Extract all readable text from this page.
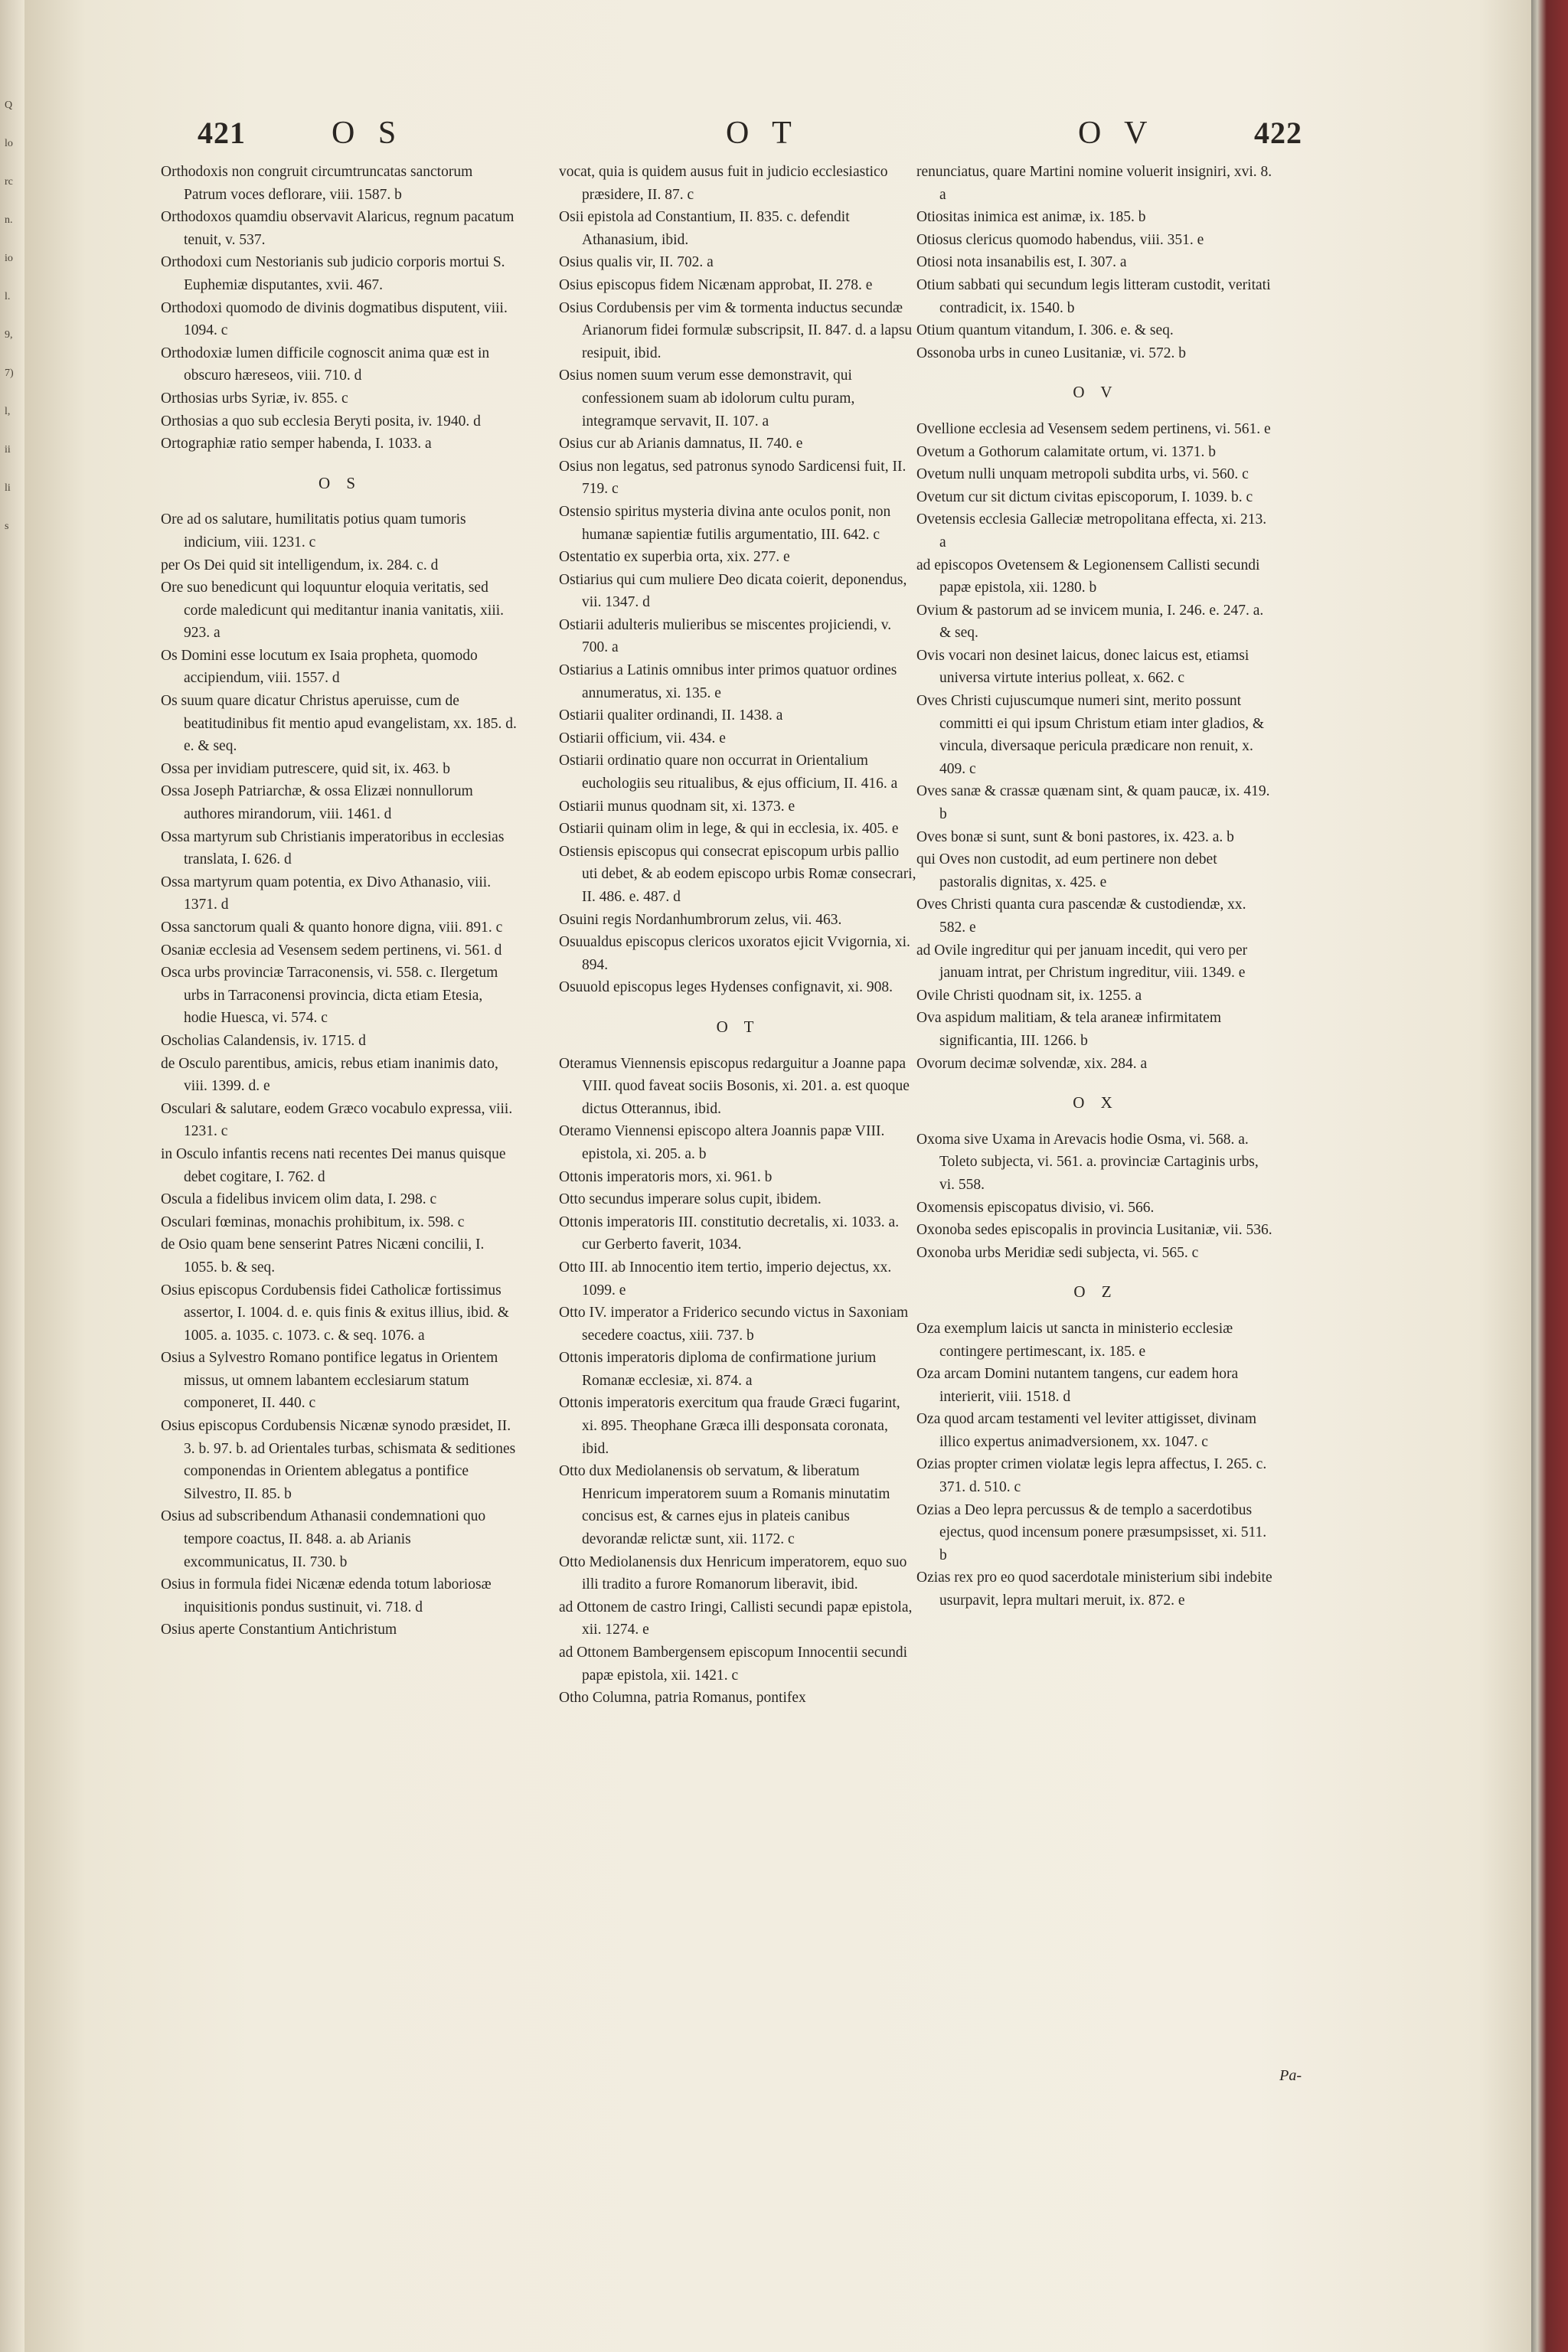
Q
lo
rc
n.
io
l.
9,
7)
l,
ii
li
s
421	O S	O T	O V	422

Orthodoxis non congruit circumtruncatas sanctorum Patrum voces deflorare, viii. 1587. b

Orthodoxos quamdiu observavit Alaricus, regnum pacatum tenuit, v. 537.

Orthodoxi cum Nestorianis sub judicio corporis mortui S. Euphemiæ disputantes, xvii. 467.

Orthodoxi quomodo de divinis dogmatibus disputent, viii. 1094. c

Orthodoxiæ lumen difficile cognoscit anima quæ est in obscuro hæreseos, viii. 710. d

Orthosias urbs Syriæ, iv. 855. c

Orthosias a quo sub ecclesia Beryti posita, iv. 1940. d

Ortographiæ ratio semper habenda, I. 1033. a

O S

Ore ad os salutare, humilitatis potius quam tumoris indicium, viii. 1231. c

per Os Dei quid sit intelligendum, ix. 284. c. d

Ore suo benedicunt qui loquuntur eloquia veritatis, sed corde maledicunt qui meditantur inania vanitatis, xiii. 923. a

Os Domini esse locutum ex Isaia propheta, quomodo accipiendum, viii. 1557. d

Os suum quare dicatur Christus aperuisse, cum de beatitudinibus fit mentio apud evangelistam, xx. 185. d. e. & seq.

Ossa per invidiam putrescere, quid sit, ix. 463. b

Ossa Joseph Patriarchæ, & ossa Elizæi nonnullorum authores mirandorum, viii. 1461. d

Ossa martyrum sub Christianis imperatoribus in ecclesias translata, I. 626. d

Ossa martyrum quam potentia, ex Divo Athanasio, viii. 1371. d

Ossa sanctorum quali & quanto honore digna, viii. 891. c

Osaniæ ecclesia ad Vesensem sedem pertinens, vi. 561. d

Osca urbs provinciæ Tarraconensis, vi. 558. c. Ilergetum urbs in Tarraconensi provincia, dicta etiam Etesia, hodie Huesca, vi. 574. c

Oscholias Calandensis, iv. 1715. d

de Osculo parentibus, amicis, rebus etiam inanimis dato, viii. 1399. d. e

Osculari & salutare, eodem Græco vocabulo expressa, viii. 1231. c

in Osculo infantis recens nati recentes Dei manus quisque debet cogitare, I. 762. d

Oscula a fidelibus invicem olim data, I. 298. c

Osculari fœminas, monachis prohibitum, ix. 598. c

de Osio quam bene senserint Patres Nicæni concilii, I. 1055. b. & seq.

Osius episcopus Cordubensis fidei Catholicæ fortissimus assertor, I. 1004. d. e. quis finis & exitus illius, ibid. & 1005. a. 1035. c. 1073. c. & seq. 1076. a

Osius a Sylvestro Romano pontifice legatus in Orientem missus, ut omnem labantem ecclesiarum statum componeret, II. 440. c

Osius episcopus Cordubensis Nicænæ synodo præsidet, II. 3. b. 97. b. ad Orientales turbas, schismata & seditiones componendas in Orientem ablegatus a pontifice Silvestro, II. 85. b

Osius ad subscribendum Athanasii condemnationi quo tempore coactus, II. 848. a. ab Arianis excommunicatus, II. 730. b

Osius in formula fidei Nicænæ edenda totum laboriosæ inquisitionis pondus sustinuit, vi. 718. d

Osius aperte Constantium Antichristum

vocat, quia is quidem ausus fuit in judicio ecclesiastico præsidere, II. 87. c

Osii epistola ad Constantium, II. 835. c. defendit Athanasium, ibid.

Osius qualis vir, II. 702. a

Osius episcopus fidem Nicænam approbat, II. 278. e

Osius Cordubensis per vim & tormenta inductus secundæ Arianorum fidei formulæ subscripsit, II. 847. d. a lapsu resipuit, ibid.

Osius nomen suum verum esse demonstravit, qui confessionem suam ab idolorum cultu puram, integramque servavit, II. 107. a

Osius cur ab Arianis damnatus, II. 740. e

Osius non legatus, sed patronus synodo Sardicensi fuit, II. 719. c

Ostensio spiritus mysteria divina ante oculos ponit, non humanæ sapientiæ futilis argumentatio, III. 642. c

Ostentatio ex superbia orta, xix. 277. e

Ostiarius qui cum muliere Deo dicata coierit, deponendus, vii. 1347. d

Ostiarii adulteris mulieribus se miscentes projiciendi, v. 700. a

Ostiarius a Latinis omnibus inter primos quatuor ordines annumeratus, xi. 135. e

Ostiarii qualiter ordinandi, II. 1438. a

Ostiarii officium, vii. 434. e

Ostiarii ordinatio quare non occurrat in Orientalium euchologiis seu ritualibus, & ejus officium, II. 416. a

Ostiarii munus quodnam sit, xi. 1373. e

Ostiarii quinam olim in lege, & qui in ecclesia, ix. 405. e

Ostiensis episcopus qui consecrat episcopum urbis pallio uti debet, & ab eodem episcopo urbis Romæ consecrari, II. 486. e. 487. d

Osuini regis Nordanhumbrorum zelus, vii. 463.

Osuualdus episcopus clericos uxoratos ejicit Vvigornia, xi. 894.

Osuuold episcopus leges Hydenses confignavit, xi. 908.

O T

Oteramus Viennensis episcopus redarguitur a Joanne papa VIII. quod faveat sociis Bosonis, xi. 201. a. est quoque dictus Otterannus, ibid.

Oteramo Viennensi episcopo altera Joannis papæ VIII. epistola, xi. 205. a. b

Ottonis imperatoris mors, xi. 961. b

Otto secundus imperare solus cupit, ibidem.

Ottonis imperatoris III. constitutio decretalis, xi. 1033. a. cur Gerberto faverit, 1034.

Otto III. ab Innocentio item tertio, imperio dejectus, xx. 1099. e

Otto IV. imperator a Friderico secundo victus in Saxoniam secedere coactus, xiii. 737. b

Ottonis imperatoris diploma de confirmatione jurium Romanæ ecclesiæ, xi. 874. a

Ottonis imperatoris exercitum qua fraude Græci fugarint, xi. 895. Theophane Græca illi desponsata coronata, ibid.

Otto dux Mediolanensis ob servatum, & liberatum Henricum imperatorem suum a Romanis minutatim concisus est, & carnes ejus in plateis canibus devorandæ relictæ sunt, xii. 1172. c

Otto Mediolanensis dux Henricum imperatorem, equo suo illi tradito a furore Romanorum liberavit, ibid.

ad Ottonem de castro Iringi, Callisti secundi papæ epistola, xii. 1274. e

ad Ottonem Bambergensem episcopum Innocentii secundi papæ epistola, xii. 1421. c

Otho Columna, patria Romanus, pontifex

renunciatus, quare Martini nomine voluerit insigniri, xvi. 8. a

Otiositas inimica est animæ, ix. 185. b

Otiosus clericus quomodo habendus, viii. 351. e

Otiosi nota insanabilis est, I. 307. a

Otium sabbati qui secundum legis litteram custodit, veritati contradicit, ix. 1540. b

Otium quantum vitandum, I. 306. e. & seq.

Ossonoba urbs in cuneo Lusitaniæ, vi. 572. b

O V

Ovellione ecclesia ad Vesensem sedem pertinens, vi. 561. e

Ovetum a Gothorum calamitate ortum, vi. 1371. b

Ovetum nulli unquam metropoli subdita urbs, vi. 560. c

Ovetum cur sit dictum civitas episcoporum, I. 1039. b. c

Ovetensis ecclesia Galleciæ metropolitana effecta, xi. 213. a

ad episcopos Ovetensem & Legionensem Callisti secundi papæ epistola, xii. 1280. b

Ovium & pastorum ad se invicem munia, I. 246. e. 247. a. & seq.

Ovis vocari non desinet laicus, donec laicus est, etiamsi universa virtute interius polleat, x. 662. c

Oves Christi cujuscumque numeri sint, merito possunt committi ei qui ipsum Christum etiam inter gladios, & vincula, diversaque pericula prædicare non renuit, x. 409. c

Oves sanæ & crassæ quænam sint, & quam paucæ, ix. 419. b

Oves bonæ si sunt, sunt & boni pastores, ix. 423. a. b

qui Oves non custodit, ad eum pertinere non debet pastoralis dignitas, x. 425. e

Oves Christi quanta cura pascendæ & custodiendæ, xx. 582. e

ad Ovile ingreditur qui per januam incedit, qui vero per januam intrat, per Christum ingreditur, viii. 1349. e

Ovile Christi quodnam sit, ix. 1255. a

Ova aspidum malitiam, & tela araneæ infirmitatem significantia, III. 1266. b

Ovorum decimæ solvendæ, xix. 284. a

O X

Oxoma sive Uxama in Arevacis hodie Osma, vi. 568. a. Toleto subjecta, vi. 561. a. provinciæ Cartaginis urbs, vi. 558.

Oxomensis episcopatus divisio, vi. 566.

Oxonoba sedes episcopalis in provincia Lusitaniæ, vii. 536.

Oxonoba urbs Meridiæ sedi subjecta, vi. 565. c

O Z

Oza exemplum laicis ut sancta in ministerio ecclesiæ contingere pertimescant, ix. 185. e

Oza arcam Domini nutantem tangens, cur eadem hora interierit, viii. 1518. d

Oza quod arcam testamenti vel leviter attigisset, divinam illico expertus animadversionem, xx. 1047. c

Ozias propter crimen violatæ legis lepra affectus, I. 265. c. 371. d. 510. c

Ozias a Deo lepra percussus & de templo a sacerdotibus ejectus, quod incensum ponere præsumpsisset, xi. 511. b

Ozias rex pro eo quod sacerdotale ministerium sibi indebite usurpavit, lepra multari meruit, ix. 872. e

Pa-
